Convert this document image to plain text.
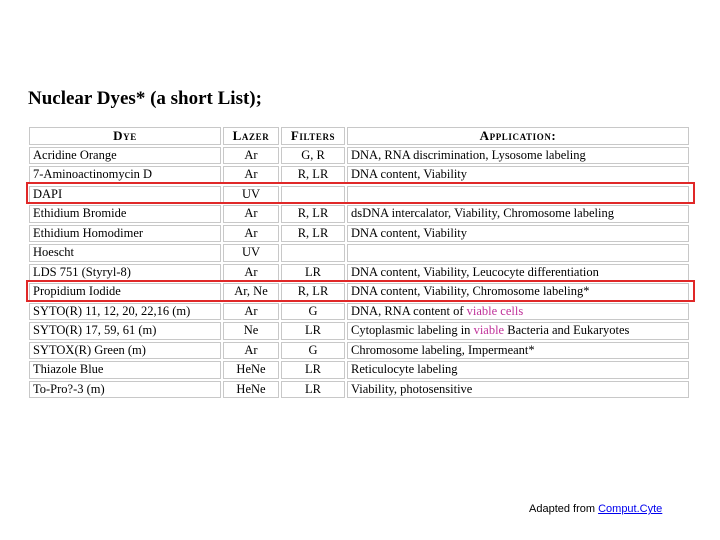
Nuclear Dyes* (a short List);
Dye	Lazer	Filters	Application:
Acridine Orange	Ar	G, R	DNA, RNA discrimination, Lysosome labeling
7-Aminoactinomycin D	Ar	R, LR	DNA content, Viability
DAPI	UV		
Ethidium Bromide	Ar	R, LR	dsDNA intercalator, Viability, Chromosome labeling
Ethidium Homodimer	Ar	R, LR	DNA content, Viability
Hoescht	UV		
LDS 751 (Styryl-8)	Ar	LR	DNA content, Viability, Leucocyte differentiation
Propidium Iodide	Ar, Ne	R, LR	DNA content, Viability, Chromosome labeling*
SYTO(R) 11, 12, 20, 22,16 (m)	Ar	G	DNA, RNA content of viable cells
SYTO(R) 17, 59, 61 (m)	Ne	LR	Cytoplasmic labeling in viable Bacteria and Eukaryotes
SYTOX(R) Green (m)	Ar	G	Chromosome labeling, Impermeant*
Thiazole Blue	HeNe	LR	Reticulocyte labeling
To-Pro?-3 (m)	HeNe	LR	Viability, photosensitive
Adapted from Comput.Cyte
